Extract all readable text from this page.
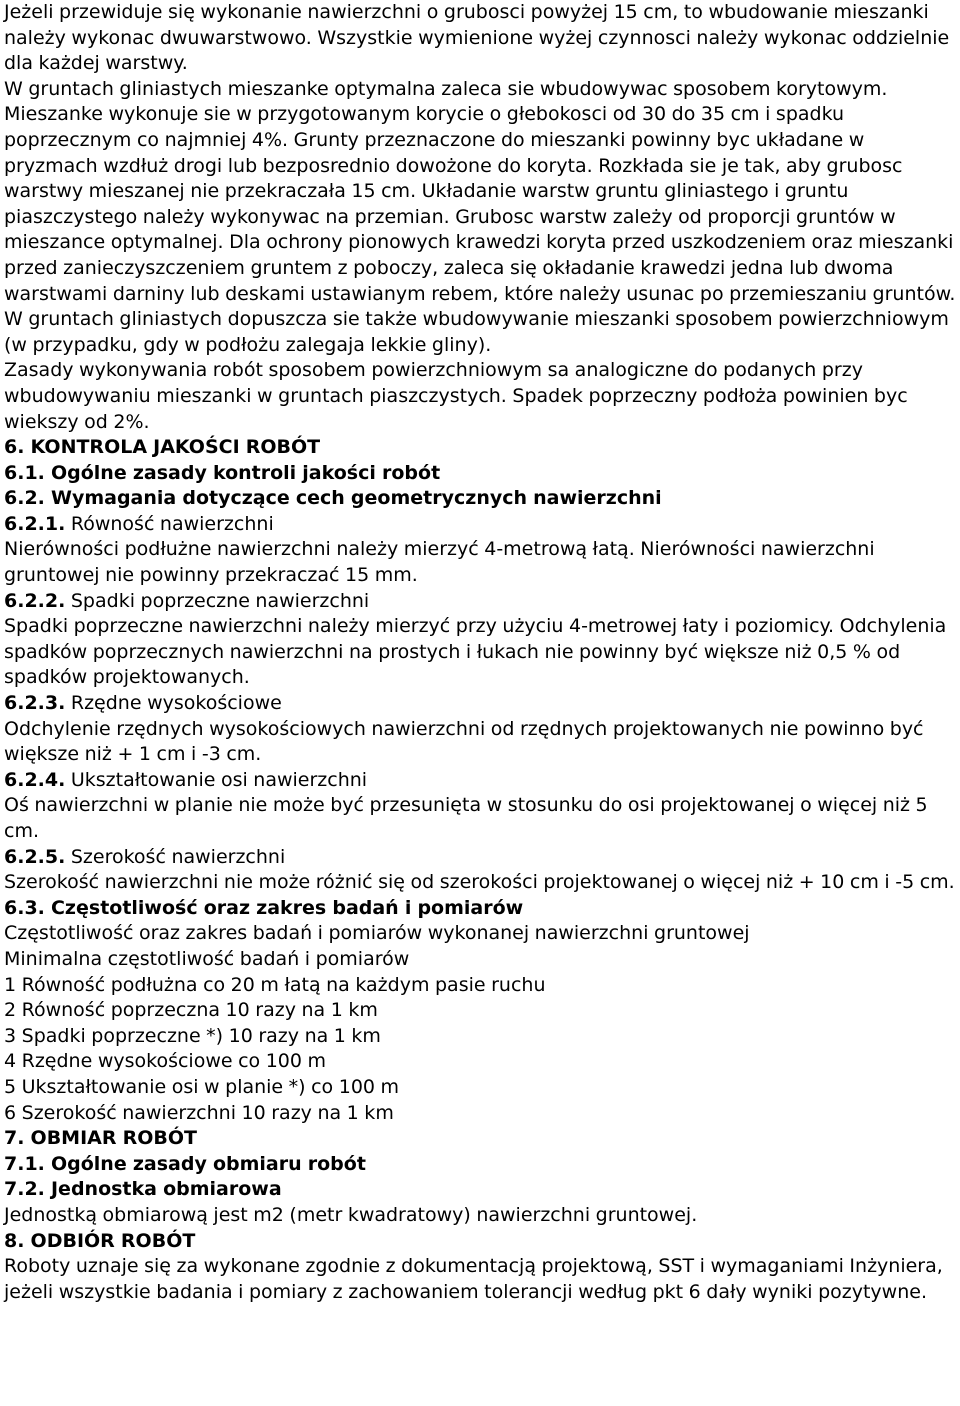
Jeżeli przewiduje się wykonanie nawierzchni o grubosci powyżej 15 cm, to wbudowanie mieszanki należy wykonac dwuwarstwowo. Wszystkie wymienione wyżej czynnosci należy wykonac oddzielnie dla każdej warstwy.

W gruntach gliniastych mieszanke optymalna zaleca sie wbudowywac sposobem korytowym. Mieszanke wykonuje sie w przygotowanym korycie o głebokosci od 30 do 35 cm i spadku poprzecznym co najmniej 4%. Grunty przeznaczone do mieszanki powinny byc układane w pryzmach wzdłuż drogi lub bezposrednio dowożone do koryta. Rozkłada sie je tak, aby grubosc warstwy mieszanej nie przekraczała 15 cm. Układanie warstw gruntu gliniastego i gruntu piaszczystego należy wykonywac na przemian. Grubosc warstw zależy od proporcji gruntów w mieszance optymalnej. Dla ochrony pionowych krawedzi koryta przed uszkodzeniem oraz mieszanki przed zanieczyszczeniem gruntem z poboczy, zaleca się okładanie krawedzi jedna lub dwoma warstwami darniny lub deskami ustawianym rebem, które należy usunac po przemieszaniu gruntów.

W gruntach gliniastych dopuszcza sie także wbudowywanie mieszanki sposobem powierzchniowym (w przypadku, gdy w podłożu zalegaja lekkie gliny).

Zasady wykonywania robót sposobem powierzchniowym sa analogiczne do podanych przy wbudowywaniu mieszanki w gruntach piaszczystych. Spadek poprzeczny podłoża powinien byc wiekszy od 2%.

6. KONTROLA JAKOŚCI ROBÓT

6.1. Ogólne zasady kontroli jakości robót

6.2. Wymagania dotyczące cech geometrycznych nawierzchni

6.2.1. Równość nawierzchni

Nierówności podłużne nawierzchni należy mierzyć 4-metrową łatą. Nierówności nawierzchni gruntowej nie powinny przekraczać 15 mm.

6.2.2. Spadki poprzeczne nawierzchni

Spadki poprzeczne nawierzchni należy mierzyć przy użyciu 4-metrowej łaty i poziomicy. Odchylenia spadków poprzecznych nawierzchni na prostych i łukach nie powinny być większe niż 0,5 % od spadków projektowanych.

6.2.3. Rzędne wysokościowe

Odchylenie rzędnych wysokościowych nawierzchni od rzędnych projektowanych nie powinno być większe niż + 1 cm i -3 cm.

6.2.4. Ukształtowanie osi nawierzchni

Oś nawierzchni w planie nie może być przesunięta w stosunku do osi projektowanej o więcej niż 5 cm.

6.2.5. Szerokość nawierzchni

Szerokość nawierzchni nie może różnić się od szerokości projektowanej o więcej niż + 10 cm i -5 cm.

6.3. Częstotliwość oraz zakres badań i pomiarów

Częstotliwość oraz zakres badań i pomiarów wykonanej nawierzchni gruntowej

Minimalna częstotliwość badań i pomiarów

1 Równość podłużna co 20 m łatą na każdym pasie ruchu

2 Równość poprzeczna 10 razy na 1 km

3 Spadki poprzeczne *) 10 razy na 1 km

4 Rzędne wysokościowe co 100 m

5 Ukształtowanie osi w planie *) co 100 m

6 Szerokość nawierzchni 10 razy na 1 km

7. OBMIAR ROBÓT

7.1. Ogólne zasady obmiaru robót

7.2. Jednostka obmiarowa

Jednostką obmiarową jest m2 (metr kwadratowy) nawierzchni gruntowej.

8. ODBIÓR ROBÓT

Roboty uznaje się za wykonane zgodnie z dokumentacją projektową, SST i wymaganiami Inżyniera, jeżeli wszystkie badania i pomiary z zachowaniem tolerancji według pkt 6 dały wyniki pozytywne.
